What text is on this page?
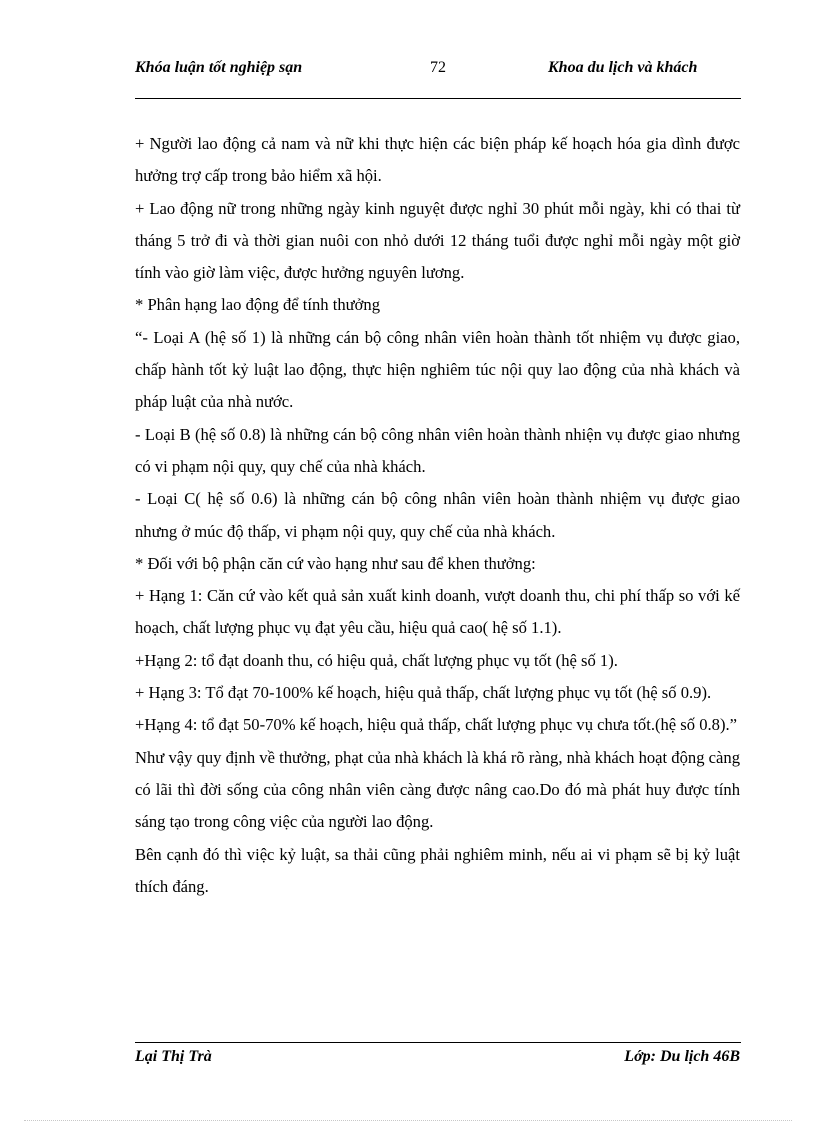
Khóa luận tốt nghiệp sạn	72	Khoa du lịch và khách

+ Người lao động cả nam và nữ khi thực hiện các biện pháp kế hoạch hóa gia dình được hưởng trợ cấp trong bảo hiểm xã hội.

+ Lao động nữ trong những ngày kinh nguyệt được nghỉ 30 phút mỗi ngày, khi có thai từ tháng 5 trở đi và thời gian nuôi con nhỏ dưới 12 tháng tuổi được nghỉ mỗi ngày một giờ tính vào giờ làm việc, được hưởng nguyên lương.

* Phân hạng lao động để tính thưởng

“- Loại A (hệ số 1) là những cán bộ công nhân viên hoàn thành tốt nhiệm vụ được giao, chấp hành tốt kỷ luật lao động, thực hiện nghiêm túc nội quy lao động của nhà khách và pháp luật của nhà nước.

- Loại B (hệ số 0.8) là những cán bộ công nhân viên hoàn thành nhiện vụ được giao nhưng có vi phạm nội quy, quy chế của nhà khách.

- Loại C( hệ số 0.6) là những cán bộ công nhân viên hoàn thành nhiệm vụ được giao nhưng ở múc độ thấp, vi phạm nội quy, quy chế của nhà khách.

* Đối với bộ phận căn cứ vào hạng như sau để khen thưởng:

+ Hạng 1: Căn cứ vào kết quả sản xuất kinh doanh, vượt doanh thu, chi phí thấp so với kế hoạch, chất lượng phục vụ đạt yêu cầu, hiệu quả cao( hệ số 1.1).

+Hạng 2: tổ đạt doanh thu, có hiệu quả, chất lượng phục vụ tốt (hệ số 1).

+ Hạng 3: Tổ đạt 70-100% kế hoạch, hiệu quả thấp, chất lượng phục vụ tốt (hệ số 0.9).

+Hạng 4: tổ đạt 50-70% kế hoạch, hiệu quả thấp, chất lượng phục vụ chưa tốt.(hệ số 0.8).”

Như vậy quy định về thưởng, phạt của nhà khách là khá rõ ràng, nhà khách hoạt động càng có lãi thì đời sống của công nhân viên càng được nâng cao.Do đó mà phát huy được tính sáng tạo trong công việc của người lao động.

Bên cạnh đó thì việc kỷ luật, sa thải cũng phải nghiêm minh, nếu ai vi phạm sẽ bị kỷ luật thích đáng.

Lại Thị Trà	Lớp: Du lịch 46B
